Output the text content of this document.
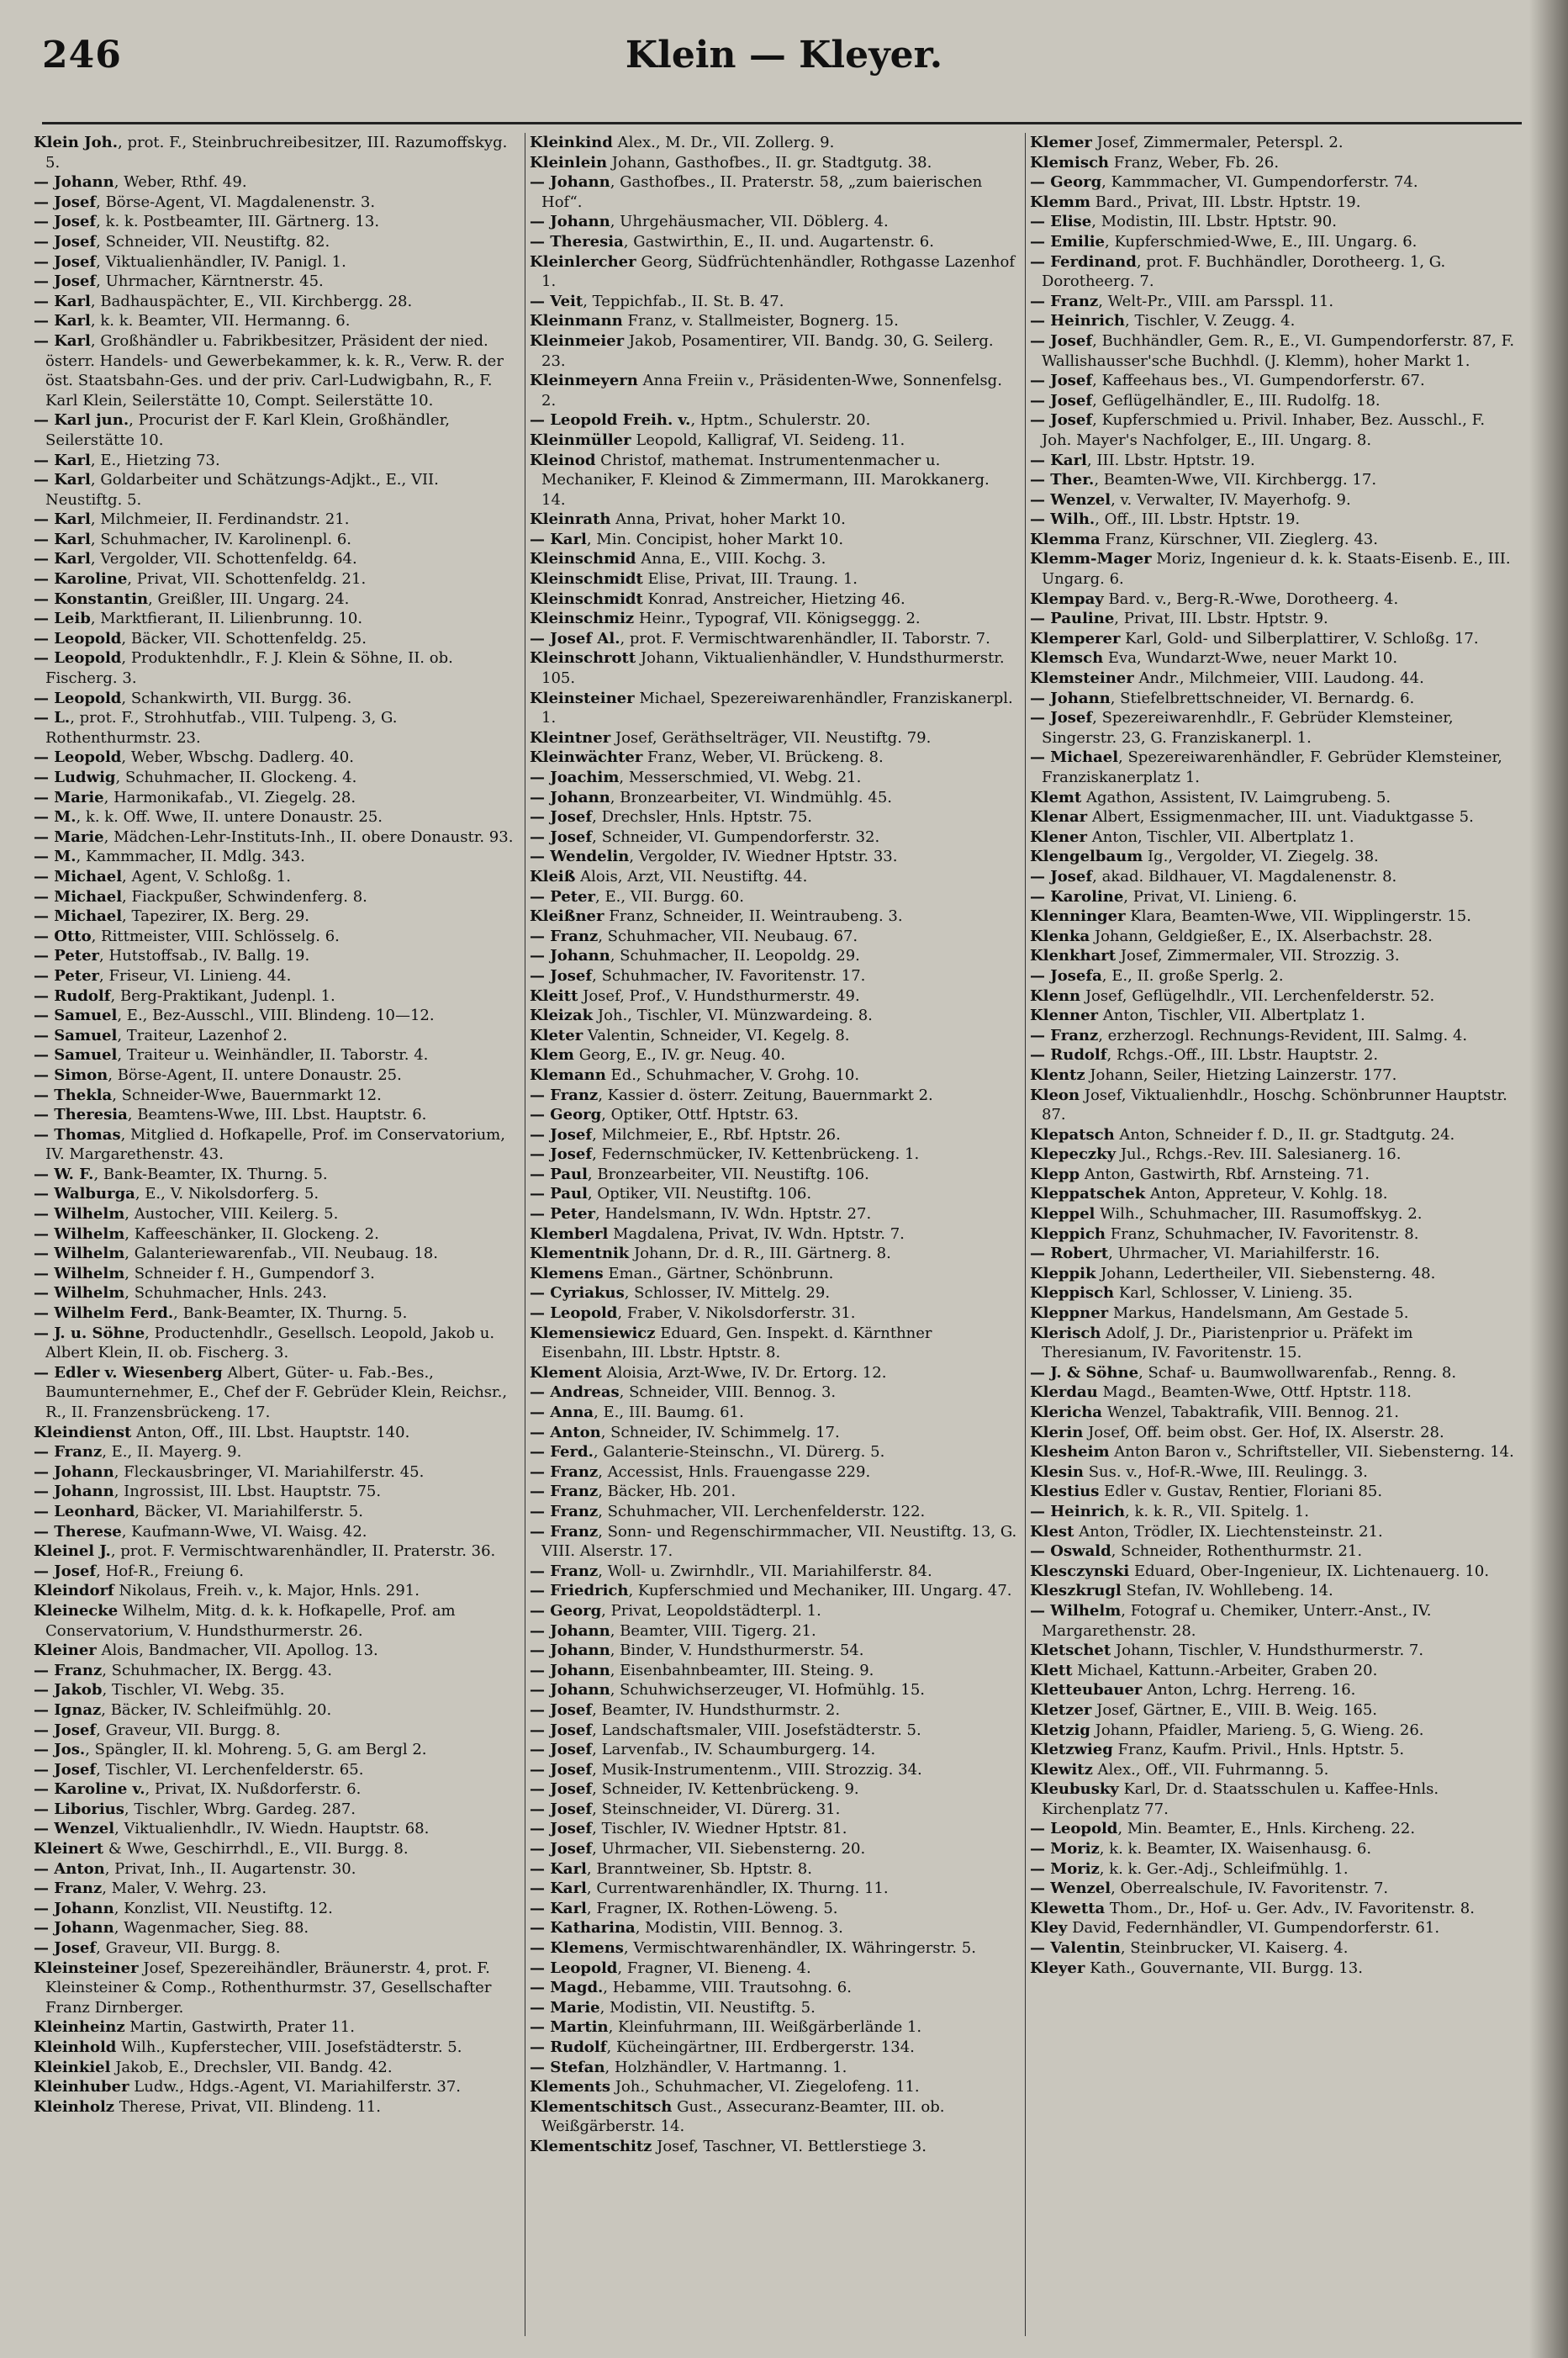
246	Klein — Kleyer.

Klein Joh., prot. F., Steinbruchreibesitzer, III. Razumoffskyg. 5.

— Johann, Weber, Rthf. 49.

— Josef, Börse-Agent, VI. Magdalenenstr. 3.

— Josef, k. k. Postbeamter, III. Gärtnerg. 13.

— Josef, Schneider, VII. Neustiftg. 82.

— Josef, Viktualienhändler, IV. Panigl. 1.

— Josef, Uhrmacher, Kärntnerstr. 45.

— Karl, Badhauspächter, E., VII. Kirchbergg. 28.

— Karl, k. k. Beamter, VII. Hermanng. 6.

— Karl, Großhändler u. Fabrikbesitzer, Präsident der nied. österr. Handels- und Gewerbekammer, k. k. R., Verw. R. der öst. Staatsbahn-Ges. und der priv. Carl-Ludwigbahn, R., F. Karl Klein, Seilerstätte 10, Compt. Seilerstätte 10.

— Karl jun., Procurist der F. Karl Klein, Großhändler, Seilerstätte 10.

— Karl, E., Hietzing 73.

— Karl, Goldarbeiter und Schätzungs-Adjkt., E., VII. Neustiftg. 5.

— Karl, Milchmeier, II. Ferdinandstr. 21.

— Karl, Schuhmacher, IV. Karolinenpl. 6.

— Karl, Vergolder, VII. Schottenfeldg. 64.

— Karoline, Privat, VII. Schottenfeldg. 21.

— Konstantin, Greißler, III. Ungarg. 24.

— Leib, Marktfierant, II. Lilienbrunng. 10.

— Leopold, Bäcker, VII. Schottenfeldg. 25.

— Leopold, Produktenhdlr., F. J. Klein & Söhne, II. ob. Fischerg. 3.

— Leopold, Schankwirth, VII. Burgg. 36.

— L., prot. F., Strohhutfab., VIII. Tulpeng. 3, G. Rothenthurmstr. 23.

— Leopold, Weber, Wbschg. Dadlerg. 40.

— Ludwig, Schuhmacher, II. Glockeng. 4.

— Marie, Harmonikafab., VI. Ziegelg. 28.

— M., k. k. Off. Wwe, II. untere Donaustr. 25.

— Marie, Mädchen-Lehr-Instituts-Inh., II. obere Donaustr. 93.

— M., Kammmacher, II. Mdlg. 343.

— Michael, Agent, V. Schloßg. 1.

— Michael, Fiackpußer, Schwindenferg. 8.

— Michael, Tapezirer, IX. Berg. 29.

— Otto, Rittmeister, VIII. Schlösselg. 6.

— Peter, Hutstoffsab., IV. Ballg. 19.

— Peter, Friseur, VI. Linieng. 44.

— Rudolf, Berg-Praktikant, Judenpl. 1.

— Samuel, E., Bez-Ausschl., VIII. Blindeng. 10—12.

— Samuel, Traiteur, Lazenhof 2.

— Samuel, Traiteur u. Weinhändler, II. Taborstr. 4.

— Simon, Börse-Agent, II. untere Donaustr. 25.

— Thekla, Schneider-Wwe, Bauernmarkt 12.

— Theresia, Beamtens-Wwe, III. Lbst. Hauptstr. 6.

— Thomas, Mitglied d. Hofkapelle, Prof. im Conservatorium, IV. Margarethenstr. 43.

— W. F., Bank-Beamter, IX. Thurng. 5.

— Walburga, E., V. Nikolsdorferg. 5.

— Wilhelm, Austocher, VIII. Keilerg. 5.

— Wilhelm, Kaffeeschänker, II. Glockeng. 2.

— Wilhelm, Galanteriewarenfab., VII. Neubaug. 18.

— Wilhelm, Schneider f. H., Gumpendorf 3.

— Wilhelm, Schuhmacher, Hnls. 243.

— Wilhelm Ferd., Bank-Beamter, IX. Thurng. 5.

— J. u. Söhne, Productenhdlr., Gesellsch. Leopold, Jakob u. Albert Klein, II. ob. Fischerg. 3.

— Edler v. Wiesenberg Albert, Güter- u. Fab.-Bes., Baumunternehmer, E., Chef der F. Gebrüder Klein, Reichsr., R., II. Franzensbrückeng. 17.

Kleindienst Anton, Off., III. Lbst. Hauptstr. 140.

— Franz, E., II. Mayerg. 9.

— Johann, Fleckausbringer, VI. Mariahilferstr. 45.

— Johann, Ingrossist, III. Lbst. Hauptstr. 75.

— Leonhard, Bäcker, VI. Mariahilferstr. 5.

— Therese, Kaufmann-Wwe, VI. Waisg. 42.

Kleinel J., prot. F. Vermischtwarenhändler, II. Praterstr. 36.

— Josef, Hof-R., Freiung 6.

Kleindorf Nikolaus, Freih. v., k. Major, Hnls. 291.

Kleinecke Wilhelm, Mitg. d. k. k. Hofkapelle, Prof. am Conservatorium, V. Hundsthurmerstr. 26.

Kleiner Alois, Bandmacher, VII. Apollog. 13.

— Franz, Schuhmacher, IX. Bergg. 43.

— Jakob, Tischler, VI. Webg. 35.

— Ignaz, Bäcker, IV. Schleifmühlg. 20.

— Josef, Graveur, VII. Burgg. 8.

— Jos., Spängler, II. kl. Mohreng. 5, G. am Bergl 2.

— Josef, Tischler, VI. Lerchenfelderstr. 65.

— Karoline v., Privat, IX. Nußdorferstr. 6.

— Liborius, Tischler, Wbrg. Gardeg. 287.

— Wenzel, Viktualienhdlr., IV. Wiedn. Hauptstr. 68.

Kleinert & Wwe, Geschirrhdl., E., VII. Burgg. 8.

— Anton, Privat, Inh., II. Augartenstr. 30.

— Franz, Maler, V. Wehrg. 23.

— Johann, Konzlist, VII. Neustiftg. 12.

— Johann, Wagenmacher, Sieg. 88.

— Josef, Graveur, VII. Burgg. 8.

Kleinsteiner Josef, Spezereihändler, Bräunerstr. 4, prot. F. Kleinsteiner & Comp., Rothenthurmstr. 37, Gesellschafter Franz Dirnberger.

Kleinheinz Martin, Gastwirth, Prater 11.

Kleinhold Wilh., Kupferstecher, VIII. Josefstädterstr. 5.

Kleinkiel Jakob, E., Drechsler, VII. Bandg. 42.

Kleinhuber Ludw., Hdgs.-Agent, VI. Mariahilferstr. 37.

Kleinholz Therese, Privat, VII. Blindeng. 11.

Kleinkind Alex., M. Dr., VII. Zollerg. 9.

Kleinlein Johann, Gasthofbes., II. gr. Stadtgutg. 38.

— Johann, Gasthofbes., II. Praterstr. 58, „zum baierischen Hof“.

— Johann, Uhrgehäusmacher, VII. Döblerg. 4.

— Theresia, Gastwirthin, E., II. und. Augartenstr. 6.

Kleinlercher Georg, Südfrüchtenhändler, Rothgasse Lazenhof 1.

— Veit, Teppichfab., II. St. B. 47.

Kleinmann Franz, v. Stallmeister, Bognerg. 15.

Kleinmeier Jakob, Posamentirer, VII. Bandg. 30, G. Seilerg. 23.

Kleinmeyern Anna Freiin v., Präsidenten-Wwe, Sonnenfelsg. 2.

— Leopold Freih. v., Hptm., Schulerstr. 20.

Kleinmüller Leopold, Kalligraf, VI. Seideng. 11.

Kleinod Christof, mathemat. Instrumentenmacher u. Mechaniker, F. Kleinod & Zimmermann, III. Marokkanerg. 14.

Kleinrath Anna, Privat, hoher Markt 10.

— Karl, Min. Concipist, hoher Markt 10.

Kleinschmid Anna, E., VIII. Kochg. 3.

Kleinschmidt Elise, Privat, III. Traung. 1.

Kleinschmidt Konrad, Anstreicher, Hietzing 46.

Kleinschmiz Heinr., Typograf, VII. Königseggg. 2.

— Josef Al., prot. F. Vermischtwarenhändler, II. Taborstr. 7.

Kleinschrott Johann, Viktualienhändler, V. Hundsthurmerstr. 105.

Kleinsteiner Michael, Spezereiwarenhändler, Franziskanerpl. 1.

Kleintner Josef, Geräthselträger, VII. Neustiftg. 79.

Kleinwächter Franz, Weber, VI. Brückeng. 8.

— Joachim, Messerschmied, VI. Webg. 21.

— Johann, Bronzearbeiter, VI. Windmühlg. 45.

— Josef, Drechsler, Hnls. Hptstr. 75.

— Josef, Schneider, VI. Gumpendorferstr. 32.

— Wendelin, Vergolder, IV. Wiedner Hptstr. 33.

Kleiß Alois, Arzt, VII. Neustiftg. 44.

— Peter, E., VII. Burgg. 60.

Kleißner Franz, Schneider, II. Weintraubeng. 3.

— Franz, Schuhmacher, VII. Neubaug. 67.

— Johann, Schuhmacher, II. Leopoldg. 29.

— Josef, Schuhmacher, IV. Favoritenstr. 17.

Kleitt Josef, Prof., V. Hundsthurmerstr. 49.

Kleizak Joh., Tischler, VI. Münzwardeing. 8.

Kleter Valentin, Schneider, VI. Kegelg. 8.

Klem Georg, E., IV. gr. Neug. 40.

Klemann Ed., Schuhmacher, V. Grohg. 10.

— Franz, Kassier d. österr. Zeitung, Bauernmarkt 2.

— Georg, Optiker, Ottf. Hptstr. 63.

— Josef, Milchmeier, E., Rbf. Hptstr. 26.

— Josef, Federnschmücker, IV. Kettenbrückeng. 1.

— Paul, Bronzearbeiter, VII. Neustiftg. 106.

— Paul, Optiker, VII. Neustiftg. 106.

— Peter, Handelsmann, IV. Wdn. Hptstr. 27.

Klemberl Magdalena, Privat, IV. Wdn. Hptstr. 7.

Klementnik Johann, Dr. d. R., III. Gärtnerg. 8.

Klemens Eman., Gärtner, Schönbrunn.

— Cyriakus, Schlosser, IV. Mittelg. 29.

— Leopold, Fraber, V. Nikolsdorferstr. 31.

Klemensiewicz Eduard, Gen. Inspekt. d. Kärnthner Eisenbahn, III. Lbstr. Hptstr. 8.

Klement Aloisia, Arzt-Wwe, IV. Dr. Ertorg. 12.

— Andreas, Schneider, VIII. Bennog. 3.

— Anna, E., III. Baumg. 61.

— Anton, Schneider, IV. Schimmelg. 17.

— Ferd., Galanterie-Steinschn., VI. Dürerg. 5.

— Franz, Accessist, Hnls. Frauengasse 229.

— Franz, Bäcker, Hb. 201.

— Franz, Schuhmacher, VII. Lerchenfelderstr. 122.

— Franz, Sonn- und Regenschirmmacher, VII. Neustiftg. 13, G. VIII. Alserstr. 17.

— Franz, Woll- u. Zwirnhdlr., VII. Mariahilferstr. 84.

— Friedrich, Kupferschmied und Mechaniker, III. Ungarg. 47.

— Georg, Privat, Leopoldstädterpl. 1.

— Johann, Beamter, VIII. Tigerg. 21.

— Johann, Binder, V. Hundsthurmerstr. 54.

— Johann, Eisenbahnbeamter, III. Steing. 9.

— Johann, Schuhwichserzeuger, VI. Hofmühlg. 15.

— Josef, Beamter, IV. Hundsthurmstr. 2.

— Josef, Landschaftsmaler, VIII. Josefstädterstr. 5.

— Josef, Larvenfab., IV. Schaumburgerg. 14.

— Josef, Musik-Instrumentenm., VIII. Strozzig. 34.

— Josef, Schneider, IV. Kettenbrückeng. 9.

— Josef, Steinschneider, VI. Dürerg. 31.

— Josef, Tischler, IV. Wiedner Hptstr. 81.

— Josef, Uhrmacher, VII. Siebensterng. 20.

— Karl, Branntweiner, Sb. Hptstr. 8.

— Karl, Currentwarenhändler, IX. Thurng. 11.

— Karl, Fragner, IX. Rothen-Löweng. 5.

— Katharina, Modistin, VIII. Bennog. 3.

— Klemens, Vermischtwarenhändler, IX. Währingerstr. 5.

— Leopold, Fragner, VI. Bieneng. 4.

— Magd., Hebamme, VIII. Trautsohng. 6.

— Marie, Modistin, VII. Neustiftg. 5.

— Martin, Kleinfuhrmann, III. Weißgärberlände 1.

— Rudolf, Kücheingärtner, III. Erdbergerstr. 134.

— Stefan, Holzhändler, V. Hartmanng. 1.

Klements Joh., Schuhmacher, VI. Ziegelofeng. 11.

Klementschitsch Gust., Assecuranz-Beamter, III. ob. Weißgärberstr. 14.

Klementschitz Josef, Taschner, VI. Bettlerstiege 3.

Klemer Josef, Zimmermaler, Peterspl. 2.

Klemisch Franz, Weber, Fb. 26.

— Georg, Kammmacher, VI. Gumpendorferstr. 74.

Klemm Bard., Privat, III. Lbstr. Hptstr. 19.

— Elise, Modistin, III. Lbstr. Hptstr. 90.

— Emilie, Kupferschmied-Wwe, E., III. Ungarg. 6.

— Ferdinand, prot. F. Buchhändler, Dorotheerg. 1, G. Dorotheerg. 7.

— Franz, Welt-Pr., VIII. am Parsspl. 11.

— Heinrich, Tischler, V. Zeugg. 4.

— Josef, Buchhändler, Gem. R., E., VI. Gumpendorferstr. 87, F. Wallishausser'sche Buchhdl. (J. Klemm), hoher Markt 1.

— Josef, Kaffeehaus bes., VI. Gumpendorferstr. 67.

— Josef, Geflügelhändler, E., III. Rudolfg. 18.

— Josef, Kupferschmied u. Privil. Inhaber, Bez. Ausschl., F. Joh. Mayer's Nachfolger, E., III. Ungarg. 8.

— Karl, III. Lbstr. Hptstr. 19.

— Ther., Beamten-Wwe, VII. Kirchbergg. 17.

— Wenzel, v. Verwalter, IV. Mayerhofg. 9.

— Wilh., Off., III. Lbstr. Hptstr. 19.

Klemma Franz, Kürschner, VII. Zieglerg. 43.

Klemm-Mager Moriz, Ingenieur d. k. k. Staats-Eisenb. E., III. Ungarg. 6.

Klempay Bard. v., Berg-R.-Wwe, Dorotheerg. 4.

— Pauline, Privat, III. Lbstr. Hptstr. 9.

Klemperer Karl, Gold- und Silberplattirer, V. Schloßg. 17.

Klemsch Eva, Wundarzt-Wwe, neuer Markt 10.

Klemsteiner Andr., Milchmeier, VIII. Laudong. 44.

— Johann, Stiefelbrettschneider, VI. Bernardg. 6.

— Josef, Spezereiwarenhdlr., F. Gebrüder Klemsteiner, Singerstr. 23, G. Franziskanerpl. 1.

— Michael, Spezereiwarenhändler, F. Gebrüder Klemsteiner, Franziskanerplatz 1.

Klemt Agathon, Assistent, IV. Laimgrubeng. 5.

Klenar Albert, Essigmenmacher, III. unt. Viaduktgasse 5.

Klener Anton, Tischler, VII. Albertplatz 1.

Klengelbaum Ig., Vergolder, VI. Ziegelg. 38.

— Josef, akad. Bildhauer, VI. Magdalenenstr. 8.

— Karoline, Privat, VI. Linieng. 6.

Klenninger Klara, Beamten-Wwe, VII. Wipplingerstr. 15.

Klenka Johann, Geldgießer, E., IX. Alserbachstr. 28.

Klenkhart Josef, Zimmermaler, VII. Strozzig. 3.

— Josefa, E., II. große Sperlg. 2.

Klenn Josef, Geflügelhdlr., VII. Lerchenfelderstr. 52.

Klenner Anton, Tischler, VII. Albertplatz 1.

— Franz, erzherzogl. Rechnungs-Revident, III. Salmg. 4.

— Rudolf, Rchgs.-Off., III. Lbstr. Hauptstr. 2.

Klentz Johann, Seiler, Hietzing Lainzerstr. 177.

Kleon Josef, Viktualienhdlr., Hoschg. Schönbrunner Hauptstr. 87.

Klepatsch Anton, Schneider f. D., II. gr. Stadtgutg. 24.

Klepeczky Jul., Rchgs.-Rev. III. Salesianerg. 16.

Klepp Anton, Gastwirth, Rbf. Arnsteing. 71.

Kleppatschek Anton, Appreteur, V. Kohlg. 18.

Kleppel Wilh., Schuhmacher, III. Rasumoffskyg. 2.

Kleppich Franz, Schuhmacher, IV. Favoritenstr. 8.

— Robert, Uhrmacher, VI. Mariahilferstr. 16.

Kleppik Johann, Ledertheiler, VII. Siebensterng. 48.

Kleppisch Karl, Schlosser, V. Linieng. 35.

Kleppner Markus, Handelsmann, Am Gestade 5.

Klerisch Adolf, J. Dr., Piaristenprior u. Präfekt im Theresianum, IV. Favoritenstr. 15.

— J. & Söhne, Schaf- u. Baumwollwarenfab., Renng. 8.

Klerdau Magd., Beamten-Wwe, Ottf. Hptstr. 118.

Klericha Wenzel, Tabaktrafik, VIII. Bennog. 21.

Klerin Josef, Off. beim obst. Ger. Hof, IX. Alserstr. 28.

Klesheim Anton Baron v., Schriftsteller, VII. Siebensterng. 14.

Klesin Sus. v., Hof-R.-Wwe, III. Reulingg. 3.

Klestius Edler v. Gustav, Rentier, Floriani 85.

— Heinrich, k. k. R., VII. Spitelg. 1.

Klest Anton, Trödler, IX. Liechtensteinstr. 21.

— Oswald, Schneider, Rothenthurmstr. 21.

Klesczynski Eduard, Ober-Ingenieur, IX. Lichtenauerg. 10.

Kleszkrugl Stefan, IV. Wohllebeng. 14.

— Wilhelm, Fotograf u. Chemiker, Unterr.-Anst., IV. Margarethenstr. 28.

Kletschet Johann, Tischler, V. Hundsthurmerstr. 7.

Klett Michael, Kattunn.-Arbeiter, Graben 20.

Kletteubauer Anton, Lchrg. Herreng. 16.

Kletzer Josef, Gärtner, E., VIII. B. Weig. 165.

Kletzig Johann, Pfaidler, Marieng. 5, G. Wieng. 26.

Kletzwieg Franz, Kaufm. Privil., Hnls. Hptstr. 5.

Klewitz Alex., Off., VII. Fuhrmanng. 5.

Kleubusky Karl, Dr. d. Staatsschulen u. Kaffee-Hnls. Kirchenplatz 77.

— Leopold, Min. Beamter, E., Hnls. Kircheng. 22.

— Moriz, k. k. Beamter, IX. Waisenhausg. 6.

— Moriz, k. k. Ger.-Adj., Schleifmühlg. 1.

— Wenzel, Oberrealschule, IV. Favoritenstr. 7.

Klewetta Thom., Dr., Hof- u. Ger. Adv., IV. Favoritenstr. 8.

Kley David, Federnhändler, VI. Gumpendorferstr. 61.

— Valentin, Steinbrucker, VI. Kaiserg. 4.

Kleyer Kath., Gouvernante, VII. Burgg. 13.
